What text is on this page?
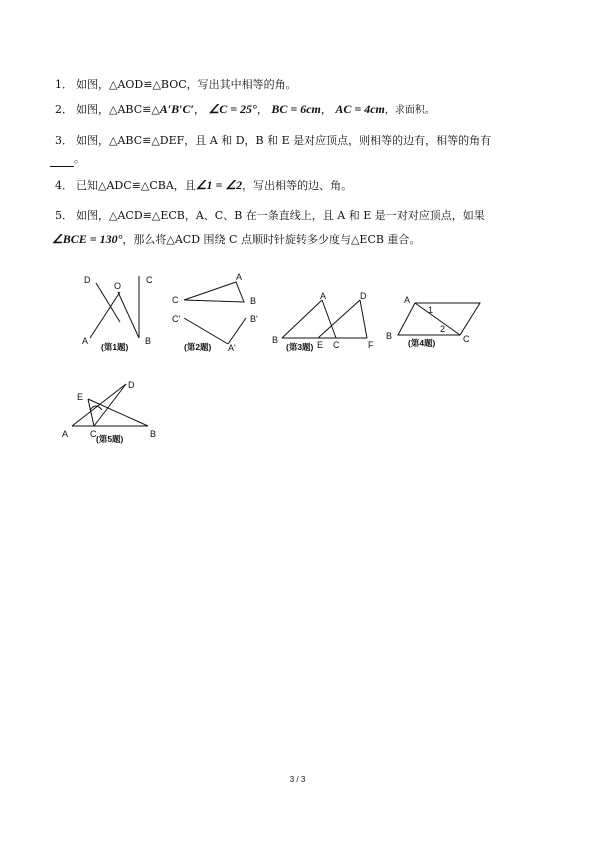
1． 如图，△AOD≌△BOC，写出其中相等的角。
2． 如图，△ABC≌△A′B′C′， ∠C = 25°， BC = 6cm， AC = 4cm，求面积。
3． 如图，△ABC≌△DEF，且 A 和 D，B 和 E 是对应顶点，则相等的边有，相等的角有
。
4． 已知△ADC≌△CBA，且∠1 = ∠2，写出相等的边、角。
5． 如图，△ACD≌△ECB，A、C、B 在一条直线上，且 A 和 E 是一对对应顶点，如果
∠BCE = 130°，那么将△ACD 围绕 C 点顺时针旋转多少度与△ECB 重合。
D
O
C
A	B
(第1题)
A
C	B
C'	B'
A'
(第2题)
A	D
B	E C	F
(第3题)
A
1
2
B	C
(第4题)
D
E
A C	B
(第5题)
3 / 3
